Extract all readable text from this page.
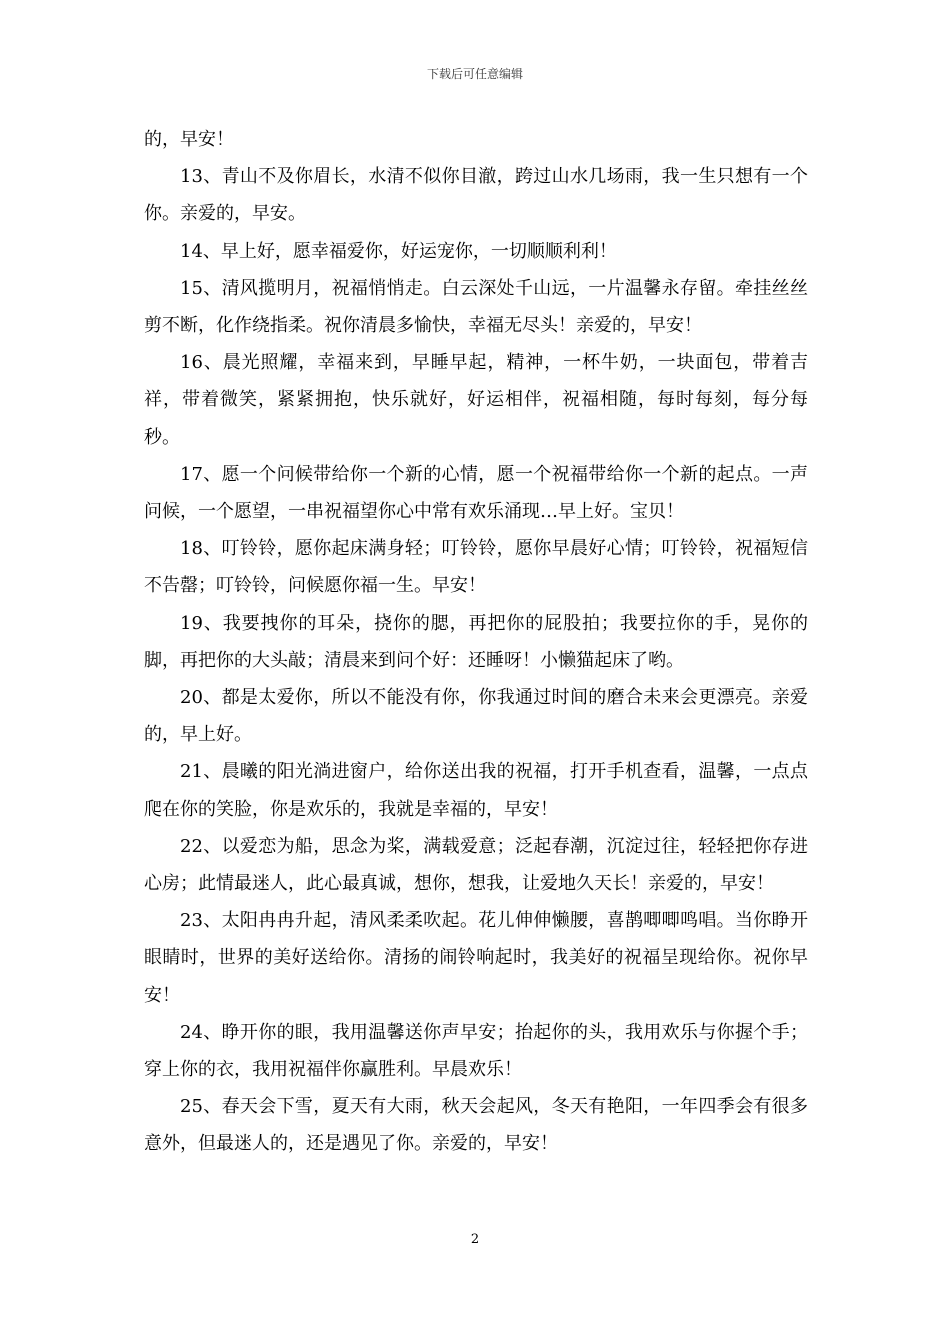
下载后可任意编辑

的，早安！

13、青山不及你眉长，水清不似你目澈，跨过山水几场雨，我一生只想有一个你。亲爱的，早安。

14、早上好，愿幸福爱你，好运宠你，一切顺顺利利！

15、清风揽明月，祝福悄悄走。白云深处千山远，一片温馨永存留。牵挂丝丝剪不断，化作绕指柔。祝你清晨多愉快，幸福无尽头！亲爱的，早安！

16、晨光照耀，幸福来到，早睡早起，精神，一杯牛奶，一块面包，带着吉祥，带着微笑，紧紧拥抱，快乐就好，好运相伴，祝福相随，每时每刻，每分每秒。

17、愿一个问候带给你一个新的心情，愿一个祝福带给你一个新的起点。一声问候，一个愿望，一串祝福望你心中常有欢乐涌现…早上好。宝贝！

18、叮铃铃，愿你起床满身轻；叮铃铃，愿你早晨好心情；叮铃铃，祝福短信不告罄；叮铃铃，问候愿你福一生。早安！

19、我要拽你的耳朵，挠你的腮，再把你的屁股拍；我要拉你的手，晃你的脚，再把你的大头敲；清晨来到问个好：还睡呀！小懒猫起床了哟。

20、都是太爱你，所以不能没有你，你我通过时间的磨合未来会更漂亮。亲爱的，早上好。

21、晨曦的阳光淌进窗户，给你送出我的祝福，打开手机查看，温馨，一点点爬在你的笑脸，你是欢乐的，我就是幸福的，早安！

22、以爱恋为船，思念为桨，满载爱意；泛起春潮，沉淀过往，轻轻把你存进心房；此情最迷人，此心最真诚，想你，想我，让爱地久天长！亲爱的，早安！

23、太阳冉冉升起，清风柔柔吹起。花儿伸伸懒腰，喜鹊唧唧鸣唱。当你睁开眼睛时，世界的美好送给你。清扬的闹铃响起时，我美好的祝福呈现给你。祝你早安！

24、睁开你的眼，我用温馨送你声早安；抬起你的头，我用欢乐与你握个手；穿上你的衣，我用祝福伴你赢胜利。早晨欢乐！

25、春天会下雪，夏天有大雨，秋天会起风，冬天有艳阳，一年四季会有很多意外，但最迷人的，还是遇见了你。亲爱的，早安！

2
